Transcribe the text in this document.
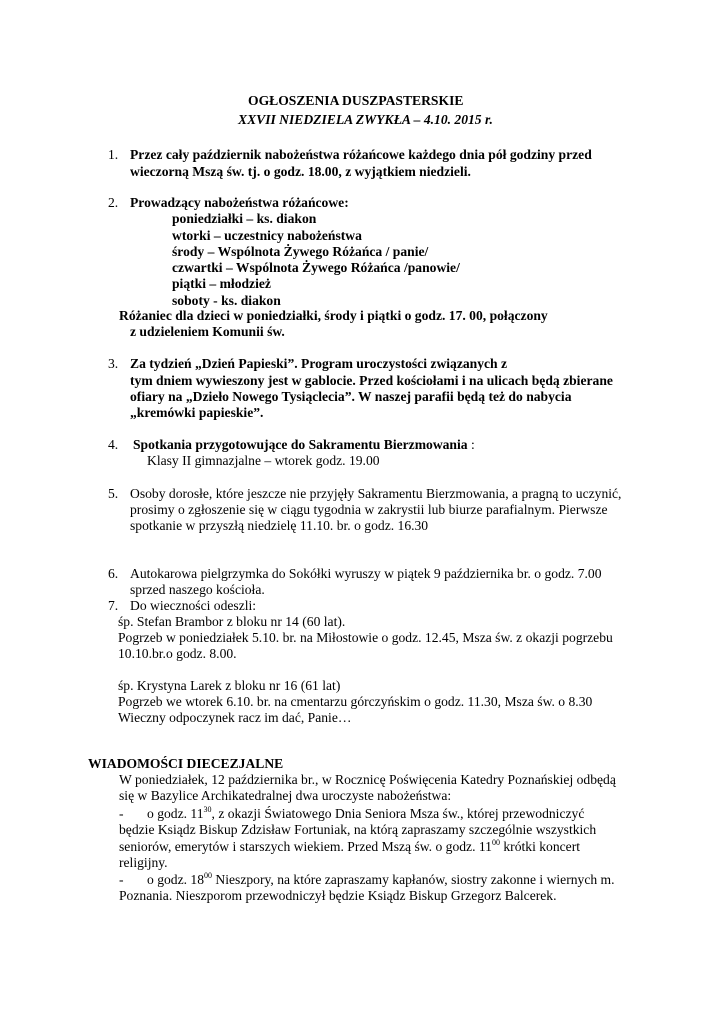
OGŁOSZENIA DUSZPASTERSKIE
XXVII NIEDZIELA ZWYKŁA – 4.10. 2015 r.
1. Przez cały październik nabożeństwa różańcowe każdego dnia pół godziny przed
wieczorną Mszą św. tj. o godz. 18.00, z wyjątkiem niedzieli.
2. Prowadzący nabożeństwa różańcowe:
poniedziałki – ks. diakon
wtorki – uczestnicy nabożeństwa
środy – Wspólnota Żywego Różańca / panie/
czwartki – Wspólnota Żywego Różańca /panowie/
piątki – młodzież
soboty - ks. diakon
Różaniec dla dzieci w poniedziałki, środy i piątki o godz. 17. 00, połączony
z udzieleniem Komunii św.
3. Za tydzień „Dzień Papieski”. Program uroczystości związanych z
tym dniem wywieszony jest w gablocie. Przed kościołami i na ulicach będą zbierane
ofiary na „Dzieło Nowego Tysiąclecia”. W naszej parafii będą też do nabycia
„kremówki papieskie”.
4. Spotkania przygotowujące do Sakramentu Bierzmowania :
Klasy II gimnazjalne – wtorek godz. 19.00
5. Osoby dorosłe, które jeszcze nie przyjęły Sakramentu Bierzmowania, a pragną to uczynić,
prosimy o zgłoszenie się w ciągu tygodnia w zakrystii lub biurze parafialnym. Pierwsze
spotkanie w przyszłą niedzielę 11.10. br. o godz. 16.30
6. Autokarowa pielgrzymka do Sokółki wyruszy w piątek 9 października br. o godz. 7.00
sprzed naszego kościoła.
7. Do wieczności odeszli:
śp. Stefan Brambor z bloku nr 14 (60 lat).
Pogrzeb w poniedziałek 5.10. br. na Miłostowie o godz. 12.45, Msza św. z okazji pogrzebu
10.10.br.o godz. 8.00.
śp. Krystyna Larek z bloku nr 16 (61 lat)
Pogrzeb we wtorek 6.10. br. na cmentarzu górczyńskim o godz. 11.30, Msza św. o 8.30
Wieczny odpoczynek racz im dać, Panie…
WIADOMOŚCI DIECEZJALNE
W poniedziałek, 12 października br., w Rocznicę Poświęcenia Katedry Poznańskiej odbędą
się w Bazylice Archikatedralnej dwa uroczyste nabożeństwa:
- o godz. $11^{30}$, z okazji Światowego Dnia Seniora Msza św., której przewodniczyć
będzie Ksiądz Biskup Zdzisław Fortuniak, na którą zapraszamy szczególnie wszystkich
seniorów, emerytów i starszych wiekiem. Przed Mszą św. o godz. $11^{00}$ krótki koncert
religijny.
- o godz. $18^{00}$ Nieszpory, na które zapraszamy kapłanów, siostry zakonne i wiernych m.
Poznania. Nieszporom przewodniczył będzie Ksiądz Biskup Grzegorz Balcerek.
